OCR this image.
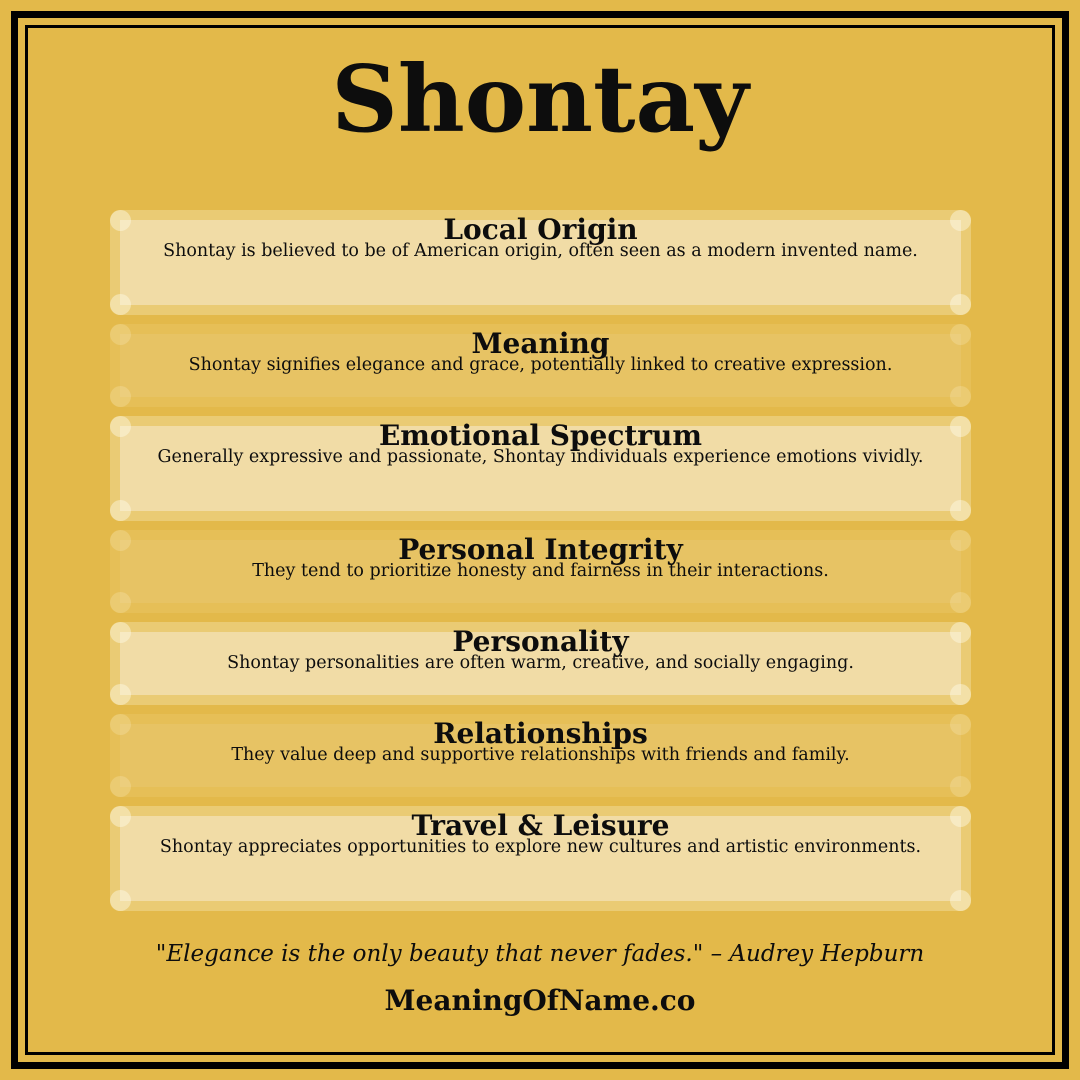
Shontay
Local Origin
Shontay is believed to be of American origin, often seen as a modern invented name.
Meaning
Shontay signifies elegance and grace, potentially linked to creative expression.
Emotional Spectrum
Generally expressive and passionate, Shontay individuals experience emotions vividly.
Personal Integrity
They tend to prioritize honesty and fairness in their interactions.
Personality
Shontay personalities are often warm, creative, and socially engaging.
Relationships
They value deep and supportive relationships with friends and family.
Travel & Leisure
Shontay appreciates opportunities to explore new cultures and artistic environments.
"Elegance is the only beauty that never fades." – Audrey Hepburn
MeaningOfName.co
